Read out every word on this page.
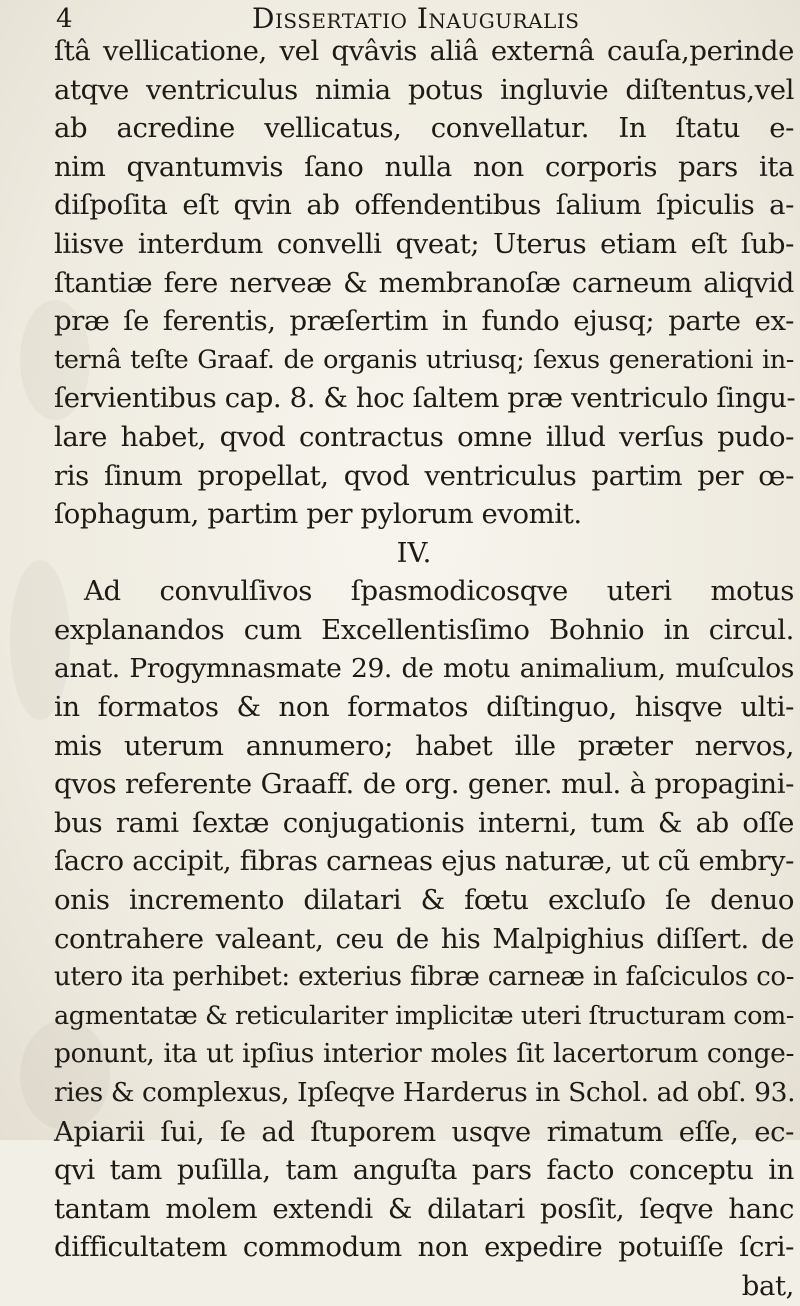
4	Dissertatio Inauguralis
ſtâ vellicatione, vel qvâvis aliâ externâ cauſa,perinde
atqve ventriculus nimia potus ingluvie diſtentus,vel
ab acredine vellicatus, convellatur. In ſtatu e-
nim qvantumvis ſano nulla non corporis pars ita
diſpoſita eſt qvin ab offendentibus ſalium ſpiculis a-
liisve interdum convelli qveat; Uterus etiam eſt ſub-
ſtantiæ fere nerveæ & membranoſæ carneum aliqvid
præ ſe ferentis, præſertim in fundo ejusq; parte ex-
ternâ teſte Graaf. de organis utriusq; ſexus generationi in-
ſervientibus cap. 8. & hoc ſaltem præ ventriculo ſingu-
lare habet, qvod contractus omne illud verſus pudo-
ris ſinum propellat, qvod ventriculus partim per œ-
ſophagum, partim per pylorum evomit.
IV.
Ad convulſivos ſpasmodicosqve uteri motus
explanandos cum Excellentisſimo Bohnio in circul.
anat. Progymnasmate 29. de motu animalium, muſculos
in formatos & non formatos diſtinguo, hisqve ulti-
mis uterum annumero; habet ille præter nervos,
qvos referente Graaff. de org. gener. mul. à propagini-
bus rami ſextæ conjugationis interni, tum & ab oſſe
ſacro accipit, fibras carneas ejus naturæ, ut cũ embry-
onis incremento dilatari & fœtu excluſo ſe denuo
contrahere valeant, ceu de his Malpighius diſſert. de
utero ita perhibet: exterius fibræ carneæ in faſciculos co-
agmentatæ & reticulariter implicitæ uteri ſtructuram com-
ponunt, ita ut ipſius interior moles ſit lacertorum conge-
ries & complexus, Ipſeqve Harderus in Schol. ad obſ. 93.
Apiarii ſui, ſe ad ſtuporem usqve rimatum eſſe, ec-
qvi tam puſilla, tam anguſta pars facto conceptu in
tantam molem extendi & dilatari posſit, ſeqve hanc
difficultatem commodum non expedire potuiſſe ſcri-
bat,
